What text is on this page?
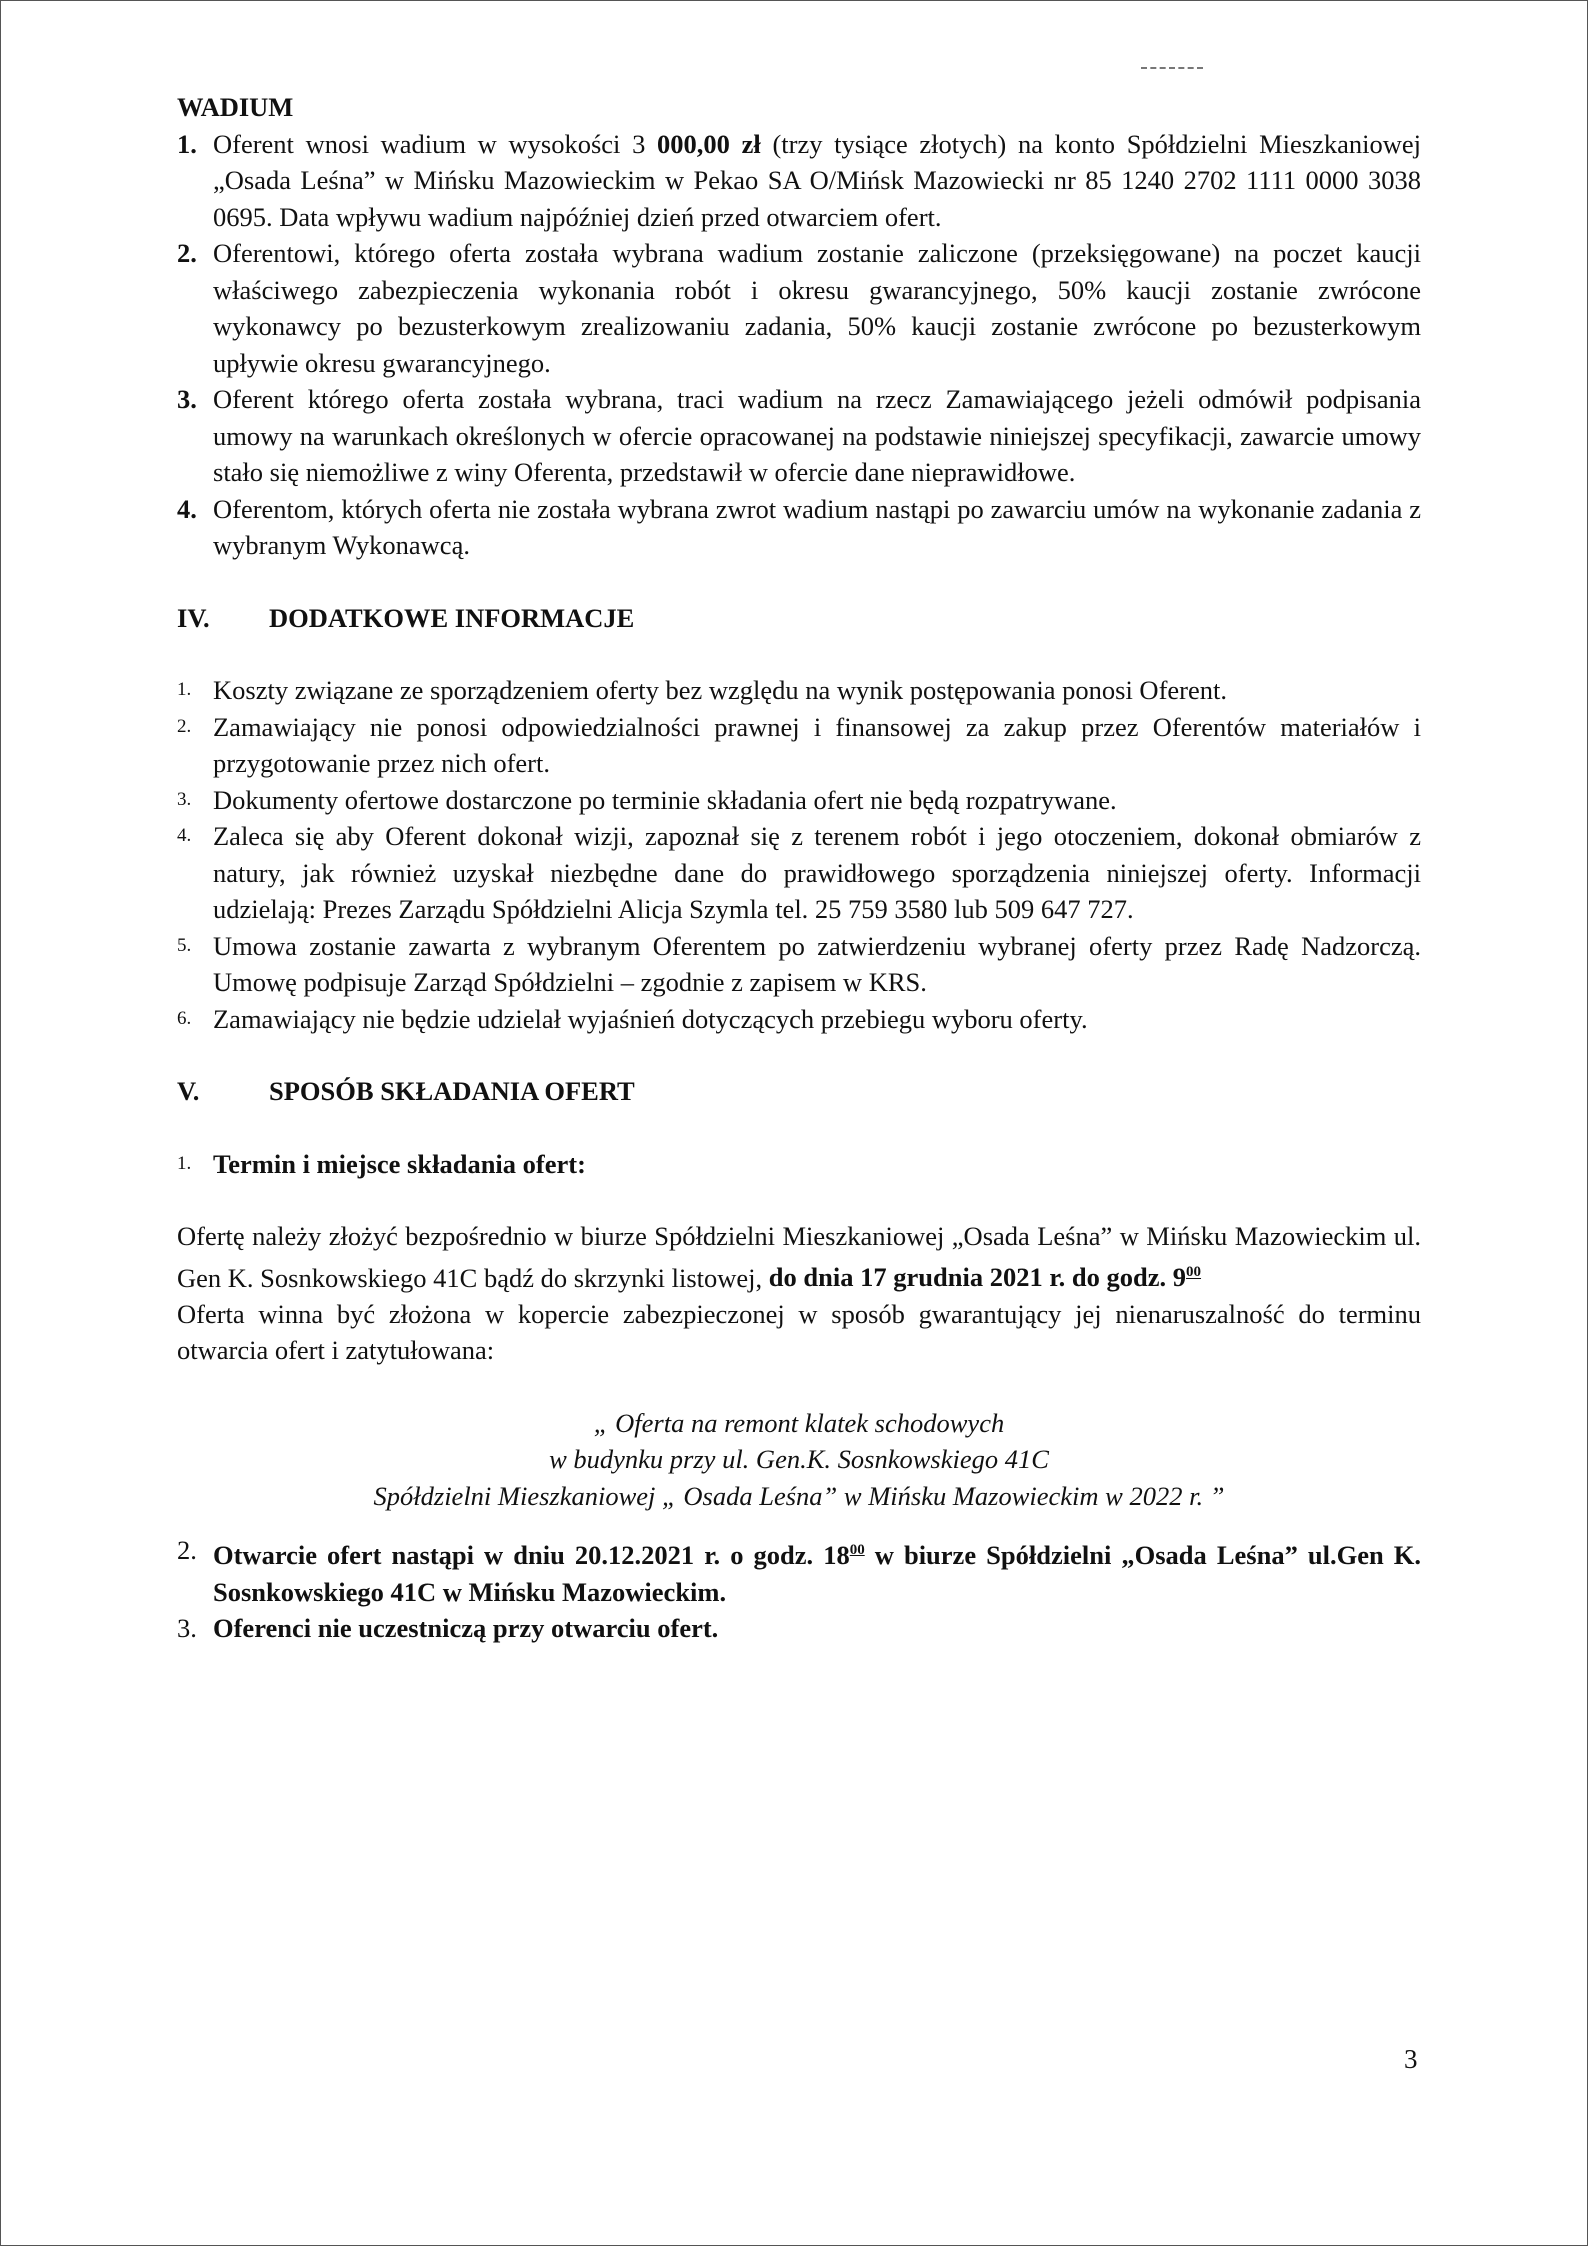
WADIUM

1. Oferent wnosi wadium w wysokości 3 000,00 zł (trzy tysiące złotych) na konto Spółdzielni Mieszkaniowej „Osada Leśna” w Mińsku Mazowieckim w Pekao SA O/Mińsk Mazowiecki nr 85 1240 2702 1111 0000 3038 0695. Data wpływu wadium najpóźniej dzień przed otwarciem ofert.
2. Oferentowi, którego oferta została wybrana wadium zostanie zaliczone (przeksięgowane) na poczet kaucji właściwego zabezpieczenia wykonania robót i okresu gwarancyjnego, 50% kaucji zostanie zwrócone wykonawcy po bezusterkowym zrealizowaniu zadania, 50% kaucji zostanie zwrócone po bezusterkowym upływie okresu gwarancyjnego.
3. Oferent którego oferta została wybrana, traci wadium na rzecz Zamawiającego jeżeli odmówił podpisania umowy na warunkach określonych w ofercie opracowanej na podstawie niniejszej specyfikacji, zawarcie umowy stało się niemożliwe z winy Oferenta, przedstawił w ofercie dane nieprawidłowe.
4. Oferentom, których oferta nie została wybrana zwrot wadium nastąpi po zawarciu umów na wykonanie zadania z wybranym Wykonawcą.
IV.	DODATKOWE INFORMACJE
1. Koszty związane ze sporządzeniem oferty bez względu na wynik postępowania ponosi Oferent.
2. Zamawiający nie ponosi odpowiedzialności prawnej i finansowej za zakup przez Oferentów materiałów i przygotowanie przez nich ofert.
3. Dokumenty ofertowe dostarczone po terminie składania ofert nie będą rozpatrywane.
4. Zaleca się aby Oferent dokonał wizji, zapoznał się z terenem robót i jego otoczeniem, dokonał obmiarów z natury, jak również uzyskał niezbędne dane do prawidłowego sporządzenia niniejszej oferty. Informacji udzielają: Prezes Zarządu Spółdzielni Alicja Szymla tel. 25 759 3580 lub 509 647 727.
5. Umowa zostanie zawarta z wybranym Oferentem po zatwierdzeniu wybranej oferty przez Radę Nadzorczą. Umowę podpisuje Zarząd Spółdzielni – zgodnie z zapisem w KRS.
6. Zamawiający nie będzie udzielał wyjaśnień dotyczących przebiegu wyboru oferty.
V.	SPOSÓB SKŁADANIA OFERT
1. Termin i miejsce składania ofert:

Ofertę należy złożyć bezpośrednio w biurze Spółdzielni Mieszkaniowej „Osada Leśna” w Mińsku Mazowieckim ul. Gen K. Sosnkowskiego 41C bądź do skrzynki listowej, do dnia 17 grudnia 2021 r. do godz. $9^{00}$

Oferta winna być złożona w kopercie zabezpieczonej w sposób gwarantujący jej nienaruszalność do terminu otwarcia ofert i zatytułowana:

„ Oferta na remont klatek schodowych

w budynku przy ul. Gen.K. Sosnkowskiego 41C

Spółdzielni Mieszkaniowej „ Osada Leśna” w Mińsku Mazowieckim w 2022 r. ”

2. Otwarcie ofert nastąpi w dniu 20.12.2021 r. o godz. $18^{00}$ w biurze Spółdzielni „Osada Leśna” ul.Gen K. Sosnkowskiego 41C w Mińsku Mazowieckim.
3. Oferenci nie uczestniczą przy otwarciu ofert.
3
